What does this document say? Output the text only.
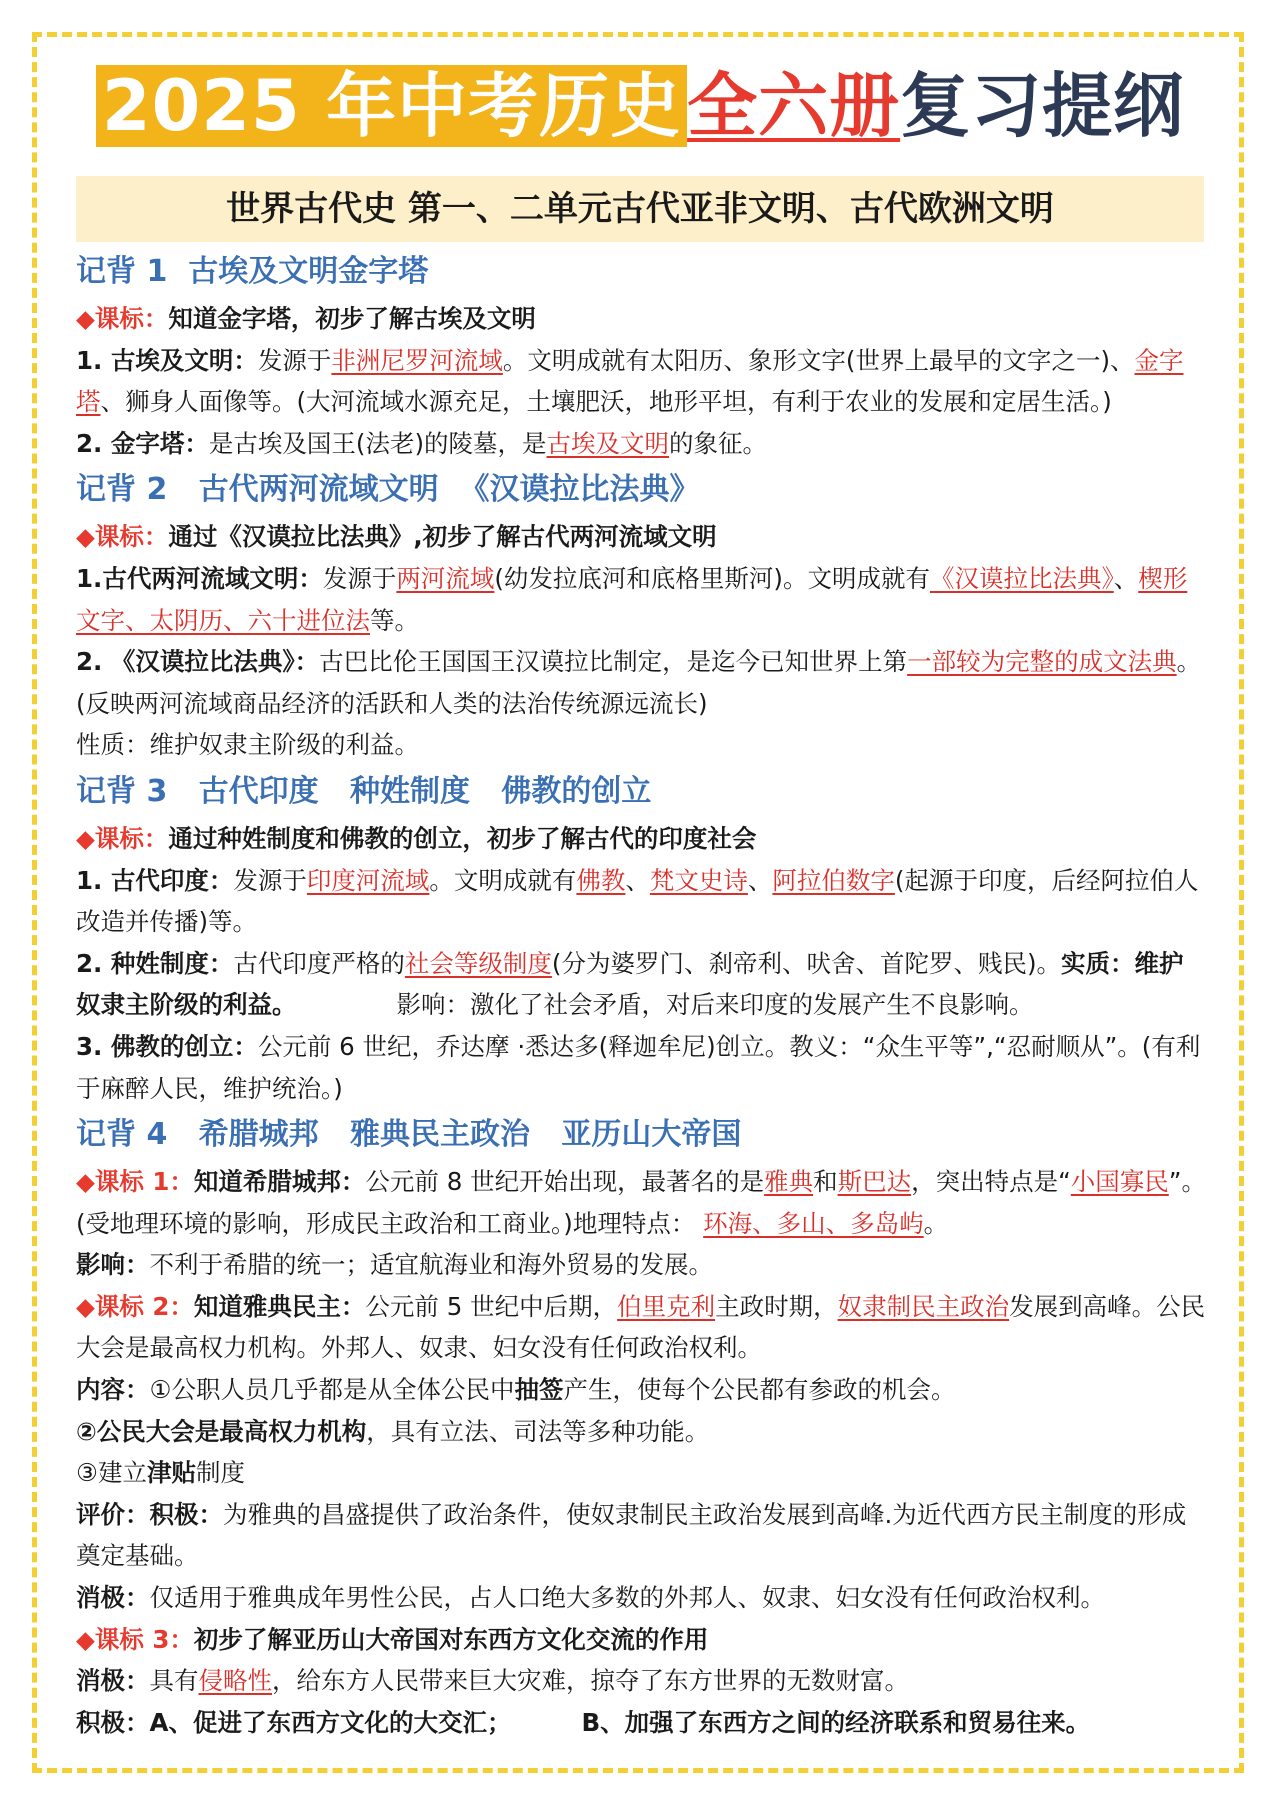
2025 年中考历史全六册复习提纲
世界古代史 第一、二单元古代亚非文明、古代欧洲文明
记背 1  古埃及文明金字塔

◆课标：知道金字塔，初步了解古埃及文明

1. 古埃及文明：发源于非洲尼罗河流域。文明成就有太阳历、象形文字(世界上最早的文字之一)、金字塔、狮身人面像等。(大河流域水源充足，土壤肥沃，地形平坦，有利于农业的发展和定居生活。)

2. 金字塔：是古埃及国王(法老)的陵墓，是古埃及文明的象征。

记背 2   古代两河流域文明  《汉谟拉比法典》

◆课标：通过《汉谟拉比法典》,初步了解古代两河流域文明

1.古代两河流域文明：发源于两河流域(幼发拉底河和底格里斯河)。文明成就有《汉谟拉比法典》、楔形文字、太阴历、六十进位法等。

2. 《汉谟拉比法典》：古巴比伦王国国王汉谟拉比制定，是迄今已知世界上第一部较为完整的成文法典。(反映两河流域商品经济的活跃和人类的法治传统源远流长)

性质：维护奴隶主阶级的利益。

记背 3   古代印度   种姓制度   佛教的创立

◆课标：通过种姓制度和佛教的创立，初步了解古代的印度社会

1. 古代印度：发源于印度河流域。文明成就有佛教、梵文史诗、阿拉伯数字(起源于印度，后经阿拉伯人改造并传播)等。

2. 种姓制度：古代印度严格的社会等级制度(分为婆罗门、刹帝利、吠舍、首陀罗、贱民)。实质：维护奴隶主阶级的利益。	影响：激化了社会矛盾，对后来印度的发展产生不良影响。

3. 佛教的创立：公元前 6 世纪，乔达摩 ·悉达多(释迦牟尼)创立。教义：“众生平等”,“忍耐顺从”。(有利于麻醉人民，维护统治。)

记背 4   希腊城邦   雅典民主政治   亚历山大帝国

◆课标 1：知道希腊城邦：公元前 8 世纪开始出现，最著名的是雅典和斯巴达，突出特点是“小国寡民”。(受地理环境的影响，形成民主政治和工商业。)地理特点： 环海、多山、多岛屿。

影响：不利于希腊的统一；适宜航海业和海外贸易的发展。

◆课标 2：知道雅典民主：公元前 5 世纪中后期，伯里克利主政时期，奴隶制民主政治发展到高峰。公民大会是最高权力机构。外邦人、奴隶、妇女没有任何政治权利。

内容：①公职人员几乎都是从全体公民中抽签产生，使每个公民都有参政的机会。

②公民大会是最高权力机构，具有立法、司法等多种功能。

③建立津贴制度

评价：积极：为雅典的昌盛提供了政治条件，使奴隶制民主政治发展到高峰.为近代西方民主制度的形成奠定基础。

消极：仅适用于雅典成年男性公民，占人口绝大多数的外邦人、奴隶、妇女没有任何政治权利。

◆课标 3：初步了解亚历山大帝国对东西方文化交流的作用

消极：具有侵略性，给东方人民带来巨大灾难，掠夺了东方世界的无数财富。

积极：A、促进了东西方文化的大交汇；	B、加强了东西方之间的经济联系和贸易往来。
